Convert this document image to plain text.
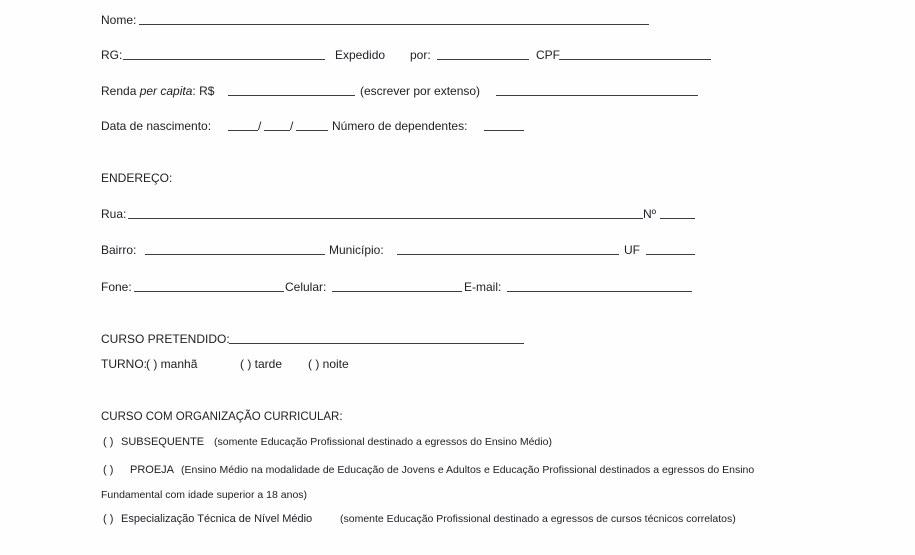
Nome:
RG:	Expedido por:	CPF
Renda per capita: R$	(escrever por extenso)
Data de nascimento:	/ /	Número de dependentes:
ENDEREÇO:
Rua:	Nº
Bairro:	Município:	UF
Fone:	Celular:	E-mail:
CURSO PRETENDIDO:
TURNO: ( ) manhã	( ) tarde ( ) noite
CURSO COM ORGANIZAÇÃO CURRICULAR:
( ) SUBSEQUENTE (somente Educação Profissional destinado a egressos do Ensino Médio)
( ) PROEJA (Ensino Médio na modalidade de Educação de Jovens e Adultos e Educação Profissional destinados a egressos do Ensino
Fundamental com idade superior a 18 anos)
( ) Especialização Técnica de Nível Médio	(somente Educação Profissional destinado a egressos de cursos técnicos correlatos)
